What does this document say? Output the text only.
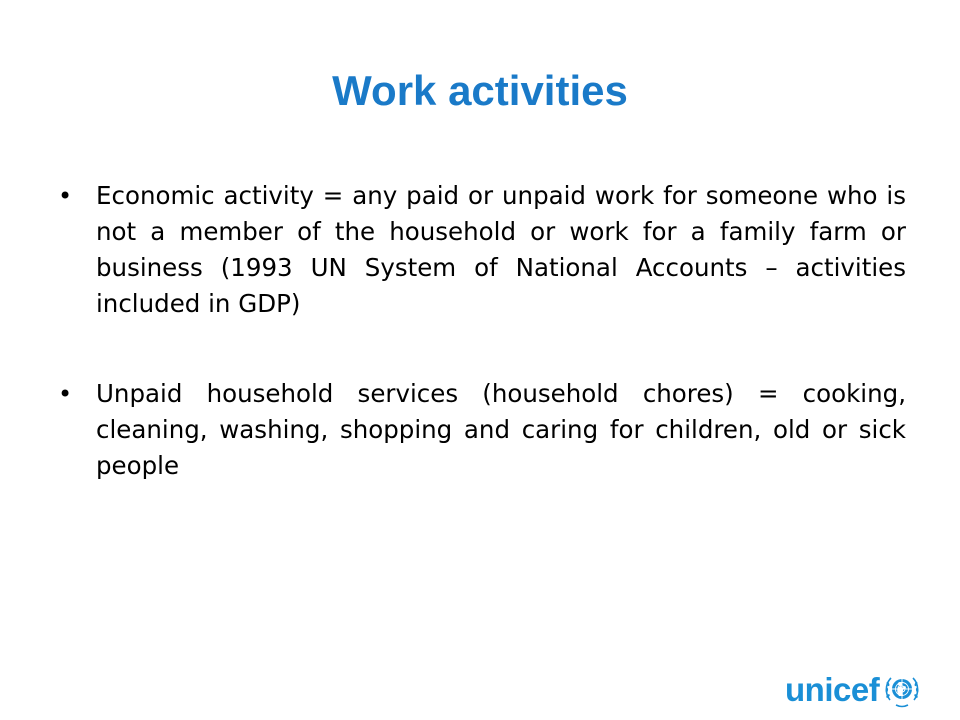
Work activities
• Economic activity = any paid or unpaid work for someone who is not a member of the household or work for a family farm or business (1993 UN System of National Accounts – activities included in GDP)
• Unpaid household services (household chores) = cooking, cleaning, washing, shopping and caring for children, old or sick people
unicef
